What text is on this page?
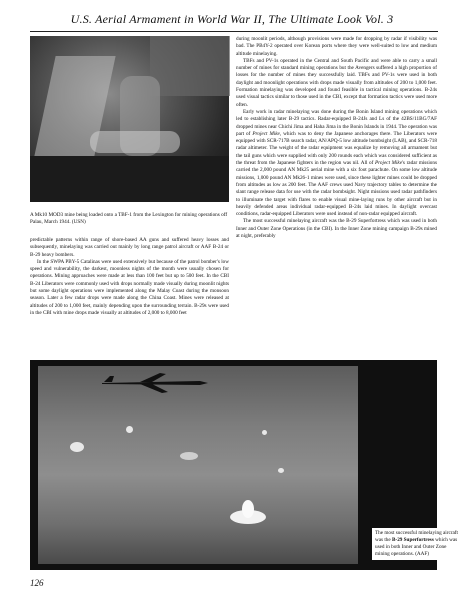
U.S. Aerial Armament in World War II, The Ultimate Look Vol. 3
A Mk10 MOD3 mine being loaded onto a TBF-1 from the Lexington for mining operations off Palau, March 1944. (USN)

predictable patterns within range of shore-based AA guns and suffered heavy losses and subsequently, minelaying was carried out mainly by long range patrol aircraft or AAF B-24 or B-29 heavy bombers.

In the SWPA PBY-5 Catalinas were used extensively but because of the patrol bomber's low speed and vulnerability, the darkest, moonless nights of the month were usually chosen for operations. Mining approaches were made at less than 100 feet but up to 500 feet. In the CBI B-24 Liberators were commonly used with drops normally made visually during moonlit nights but some daylight operations were implemented along the Malay Coast during the monsoon season. Later a few radar drops were made along the China Coast. Mines were released at altitudes of 200 to 1,000 feet, mainly depending upon the surrounding terrain. B-29s were used in the CBI with mine drops made visually at altitudes of 2,000 to 8,000 feet

during moonlit periods, although provisions were made for dropping by radar if visibility was bad. The PB4Y-2 operated over Korean ports where they were well-suited to low and medium altitude minelaying.

TBFs and PV-1s operated in the Central and South Pacific and were able to carry a small number of mines for standard mining operations but the Avengers suffered a high proportion of losses for the number of mines they successfully laid. TBFs and PV-1s were used in both daylight and moonlight operations with drops made visually from altitudes of 200 to 1,000 feet. Formation minelaying was developed and found feasible in tactical mining operations. B-24s used visual tactics similar to those used in the CBI, except that formation tactics were used more often.

Early work in radar minelaying was done during the Bonin Island mining operations which led to establishing later B-29 tactics. Radar-equipped B-24Js and Ls of the 42BS/11BG/7AF dropped mines near Chichi Jima and Haha Jima in the Bonin Islands in 1944. The operation was part of Project Mike, which was to deny the Japanese anchorages there. The Liberators were equipped with SCR-717B search radar, AN/APQ-5 low altitude bombsight (LAB), and SCR-718 radar altimeter. The weight of the radar equipment was equalize by removing all armament but the tail guns which were supplied with only 200 rounds each which was considered sufficient as the threat from the Japanese fighters in the region was nil. All of Project Mike's radar missions carried the 2,000 pound AN Mk25 aerial mine with a six foot parachute. On some low altitude missions, 1,000 pound AN Mk26-1 mines were used, since these lighter mines could be dropped from altitudes as low as 200 feet. The AAF crews used Navy trajectory tables to determine the slant range release data for use with the radar bombsight. Night missions used radar pathfinders to illuminate the target with flares to enable visual mine-laying runs by other aircraft but in heavily defended areas individual radar-equipped B-24s laid mines. In daylight overcast conditions, radar-equipped Liberators were used instead of non-radar equipped aircraft.

The most successful minelaying aircraft was the B-29 Superfortress which was used in both Inner and Outer Zone Operations (in the CBI). In the Inner Zone mining campaign B-29s mined at night, preferably

The most successful minelaying aircraft was the B-29 Superfortress which was used in both Inner and Outer Zone mining operations. (AAF)
126
